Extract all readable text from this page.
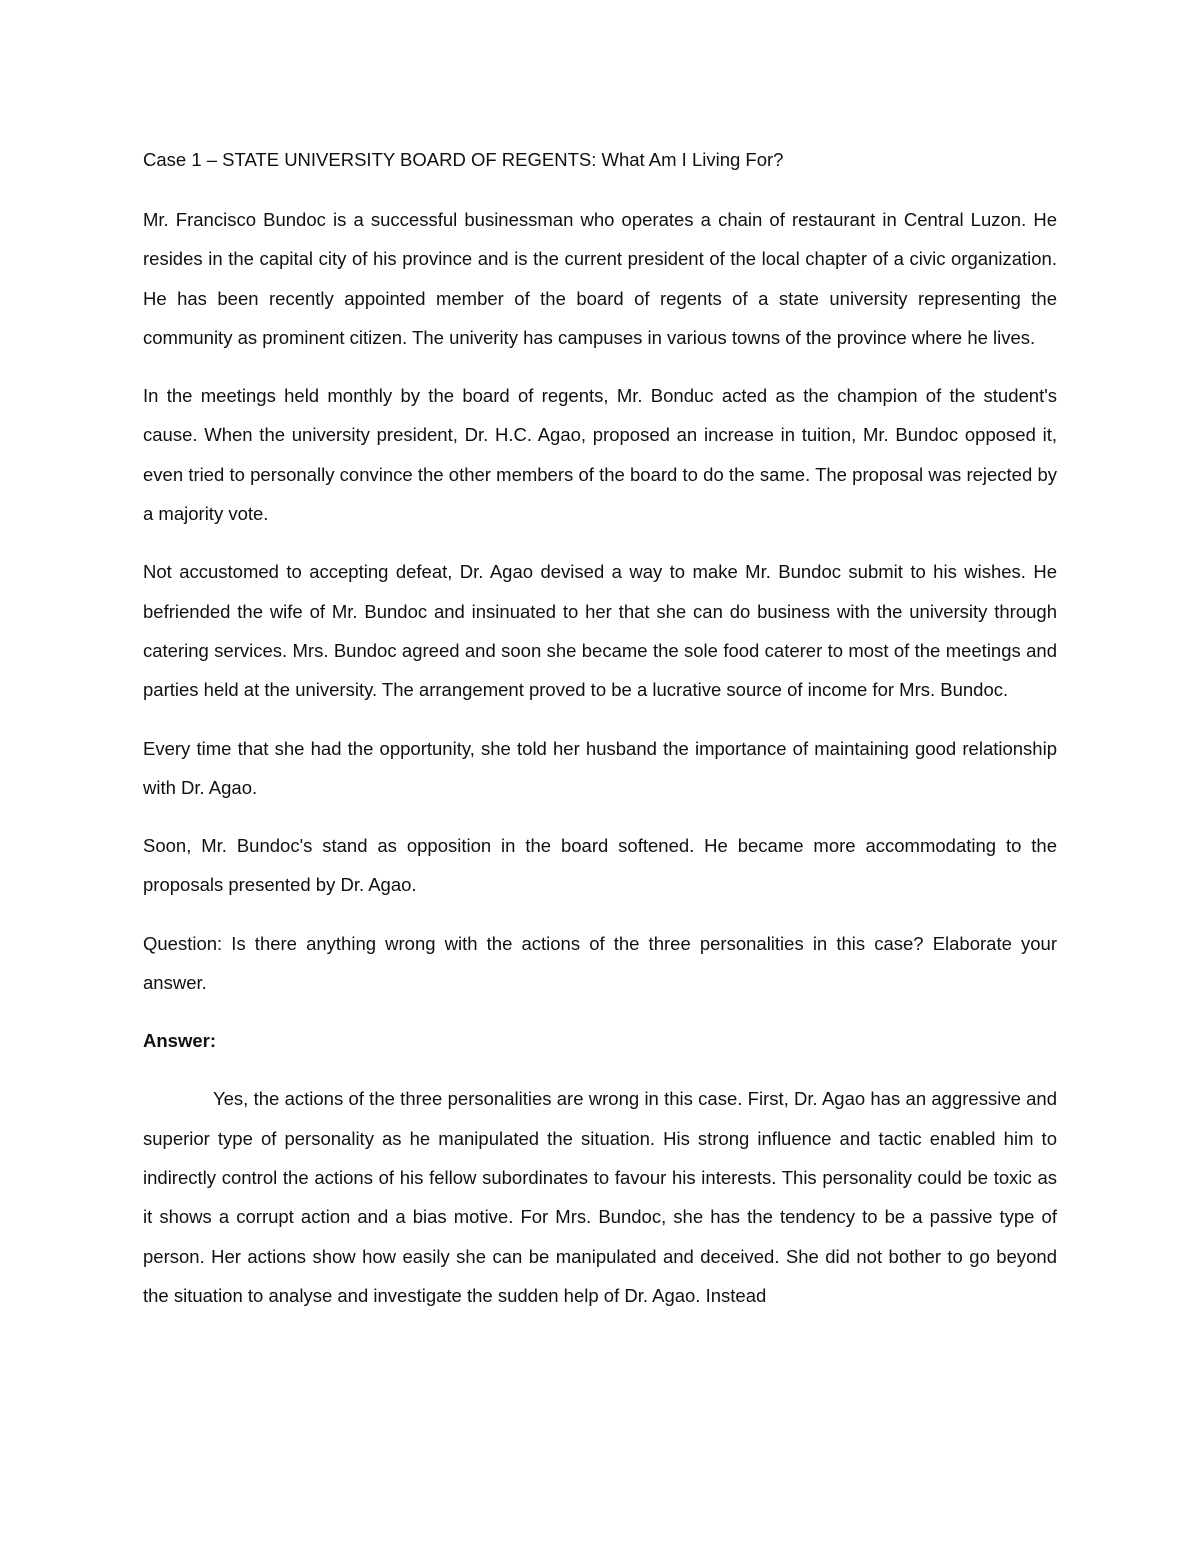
Case 1 – STATE UNIVERSITY BOARD OF REGENTS: What Am I Living For?

Mr. Francisco Bundoc is a successful businessman who operates a chain of restaurant in Central Luzon. He resides in the capital city of his province and is the current president of the local chapter of a civic organization. He has been recently appointed member of the board of regents of a state university representing the community as prominent citizen. The univerity has campuses in various towns of the province where he lives.

In the meetings held monthly by the board of regents, Mr. Bonduc acted as the champion of the student's cause. When the university president, Dr. H.C. Agao, proposed an increase in tuition, Mr. Bundoc opposed it, even tried to personally convince the other members of the board to do the same. The proposal was rejected by a majority vote.

Not accustomed to accepting defeat, Dr. Agao devised a way to make Mr. Bundoc submit to his wishes. He befriended the wife of Mr. Bundoc and insinuated to her that she can do business with the university through catering services. Mrs. Bundoc agreed and soon she became the sole food caterer to most of the meetings and parties held at the university. The arrangement proved to be a lucrative source of income for Mrs. Bundoc.

Every time that she had the opportunity, she told her husband the importance of maintaining good relationship with Dr. Agao.

Soon, Mr. Bundoc's stand as opposition in the board softened. He became more accommodating to the proposals presented by Dr. Agao.

Question: Is there anything wrong with the actions of the three personalities in this case? Elaborate your answer.

Answer:

Yes, the actions of the three personalities are wrong in this case. First, Dr. Agao has an aggressive and superior type of personality as he manipulated the situation. His strong influence and tactic enabled him to indirectly control the actions of his fellow subordinates to favour his interests. This personality could be toxic as it shows a corrupt action and a bias motive. For Mrs. Bundoc, she has the tendency to be a passive type of person. Her actions show how easily she can be manipulated and deceived. She did not bother to go beyond the situation to analyse and investigate the sudden help of Dr. Agao. Instead
